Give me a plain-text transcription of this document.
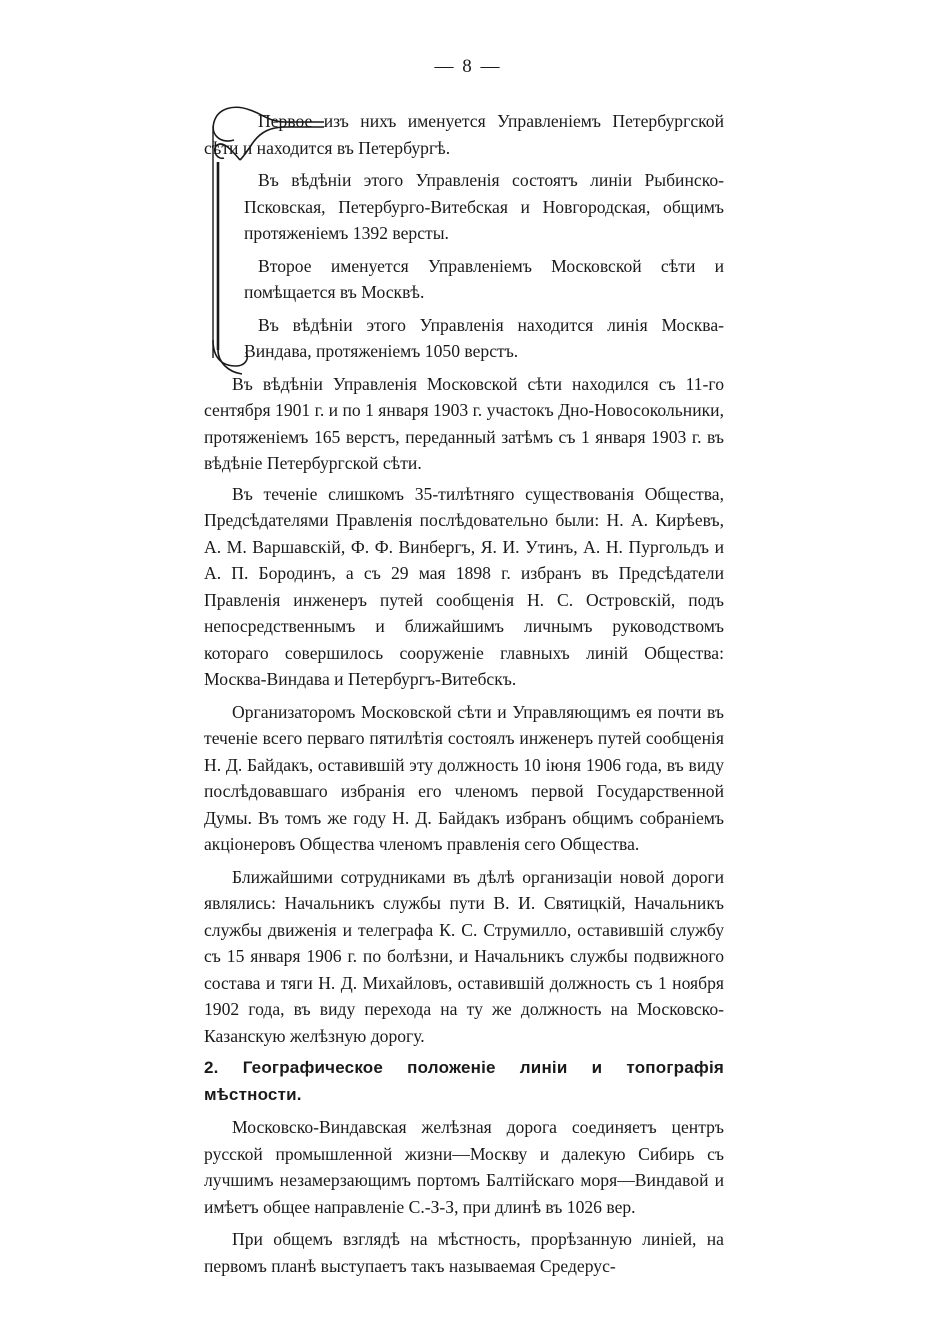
— 8 —

Первое изъ нихъ именуется Управленіемъ Петербургской сѣти и находится въ Петербургѣ.

Въ вѣдѣніи этого Управленія состоятъ линіи Рыбинско-Псковская, Петербурго-Витебская и Новгородская, общимъ протяженіемъ 1392 версты.

Второе именуется Управленіемъ Московской сѣти и помѣщается въ Москвѣ.

Въ вѣдѣніи этого Управленія находится линія Москва-Виндава, протяженіемъ 1050 верстъ.

Въ вѣдѣніи Управленія Московской сѣти находился съ 11-го сентября 1901 г. и по 1 января 1903 г. участокъ Дно-Новосокольники, протяженіемъ 165 верстъ, переданный затѣмъ съ 1 января 1903 г. въ вѣдѣніе Петербургской сѣти.

Въ теченіе слишкомъ 35-тилѣтняго существованія Общества, Предсѣдателями Правленія послѣдовательно были: Н. А. Кирѣевъ, А. М. Варшавскій, Ф. Ф. Винбергъ, Я. И. Утинъ, А. Н. Пургольдъ и А. П. Бородинъ, а съ 29 мая 1898 г. избранъ въ Предсѣдатели Правленія инженеръ путей сообщенія Н. С. Островскій, подъ непосредственнымъ и ближайшимъ личнымъ руководствомъ котораго совершилось сооруженіе главныхъ линій Общества: Москва-Виндава и Петербургъ-Витебскъ.

Организаторомъ Московской сѣти и Управляющимъ ея почти въ теченіе всего перваго пятилѣтія состоялъ инженеръ путей сообщенія Н. Д. Байдакъ, оставившій эту должность 10 іюня 1906 года, въ виду послѣдовавшаго избранія его членомъ первой Государственной Думы. Въ томъ же году Н. Д. Байдакъ избранъ общимъ собраніемъ акціонеровъ Общества членомъ правленія сего Общества.

Ближайшими сотрудниками въ дѣлѣ организаціи новой дороги являлись: Начальникъ службы пути В. И. Святицкій, Начальникъ службы движенія и телеграфа К. С. Струмилло, оставившій службу съ 15 января 1906 г. по болѣзни, и Начальникъ службы подвижного состава и тяги Н. Д. Михайловъ, оставившій должность съ 1 ноября 1902 года, въ виду перехода на ту же должность на Московско-Казанскую желѣзную дорогу.

2. Географическое положеніе линіи и топографія мѣстности.

Московско-Виндавская желѣзная дорога соединяетъ центръ русской промышленной жизни—Москву и далекую Сибирь съ лучшимъ незамерзающимъ портомъ Балтійскаго моря—Виндавой и имѣетъ общее направленіе С.-З-З, при длинѣ въ 1026 вер.

При общемъ взглядѣ на мѣстность, прорѣзанную линіей, на первомъ планѣ выступаетъ такъ называемая Средерус-
